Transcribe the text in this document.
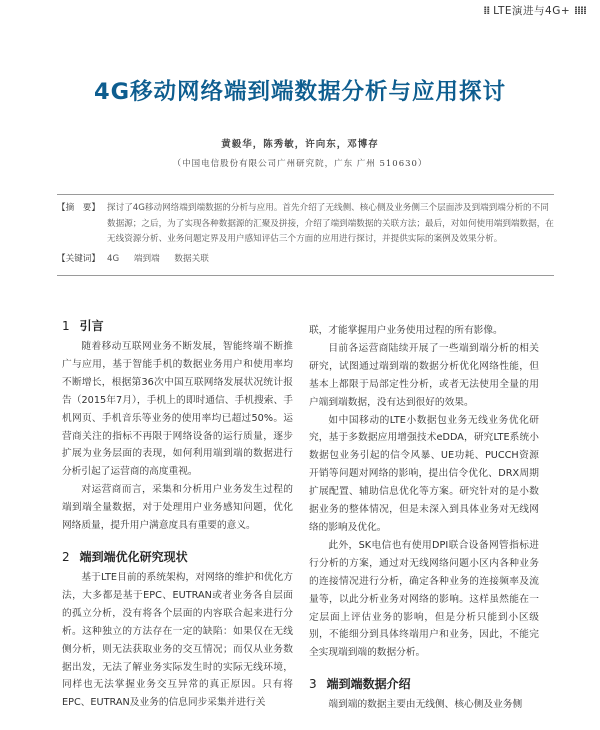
⁞⁞ LTE演进与4G+ ⁞⁞⁞⁞
4G移动网络端到端数据分析与应用探讨
黄毅华，陈秀敏，许向东，邓博存
（中国电信股份有限公司广州研究院，广东 广州 510630）
【摘　要】 探讨了4G移动网络端到端数据的分析与应用。首先介绍了无线侧、核心侧及业务侧三个层面涉及到端到端分析的不同数据源；之后，为了实现各种数据源的汇聚及拼接，介绍了端到端数据的关联方法；最后，对如何使用端到端数据，在无线资源分析、业务问题定界及用户感知评估三个方面的应用进行探讨，并提供实际的案例及效果分析。
【关键词】 4G 端到端 数据关联
1 引言

随着移动互联网业务不断发展，智能终端不断推广与应用，基于智能手机的数据业务用户和使用率均不断增长，根据第36次中国互联网络发展状况统计报告（2015年7月），手机上的即时通信、手机搜索、手机网页、手机音乐等业务的使用率均已超过50%。运营商关注的指标不再限于网络设备的运行质量，逐步扩展为业务层面的表现，如何利用端到端的数据进行分析引起了运营商的高度重视。

对运营商而言，采集和分析用户业务发生过程的端到端全量数据，对于处理用户业务感知问题，优化网络质量，提升用户满意度具有重要的意义。

2 端到端优化研究现状

基于LTE目前的系统架构，对网络的维护和优化方法，大多都是基于EPC、EUTRAN或者业务各自层面的孤立分析，没有将各个层面的内容联合起来进行分析。这种独立的方法存在一定的缺陷：如果仅在无线侧分析，则无法获取业务的交互情况；而仅从业务数据出发，无法了解业务实际发生时的实际无线环境，同样也无法掌握业务交互异常的真正原因。只有将EPC、EUTRAN及业务的信息同步采集并进行关

联，才能掌握用户业务使用过程的所有影像。

目前各运营商陆续开展了一些端到端分析的相关研究，试图通过端到端的数据分析优化网络性能，但基本上都限于局部定性分析，或者无法使用全量的用户端到端数据，没有达到很好的效果。

如中国移动的LTE小数据包业务无线业务优化研究，基于多数据应用增强技术eDDA，研究LTE系统小数据包业务引起的信令风暴、UE功耗、PUCCH资源开销等问题对网络的影响，提出信令优化、DRX周期扩展配置、辅助信息优化等方案。研究针对的是小数据业务的整体情况，但是未深入到具体业务对无线网络的影响及优化。

此外，SK电信也有使用DPI联合设备网管指标进行分析的方案，通过对无线网络问题小区内各种业务的连接情况进行分析，确定各种业务的连接频率及流量等，以此分析业务对网络的影响。这样虽然能在一定层面上评估业务的影响，但是分析只能到小区级别，不能细分到具体终端用户和业务，因此，不能完全实现端到端的数据分析。

3 端到端数据介绍

端到端的数据主要由无线侧、核心侧及业务侧
